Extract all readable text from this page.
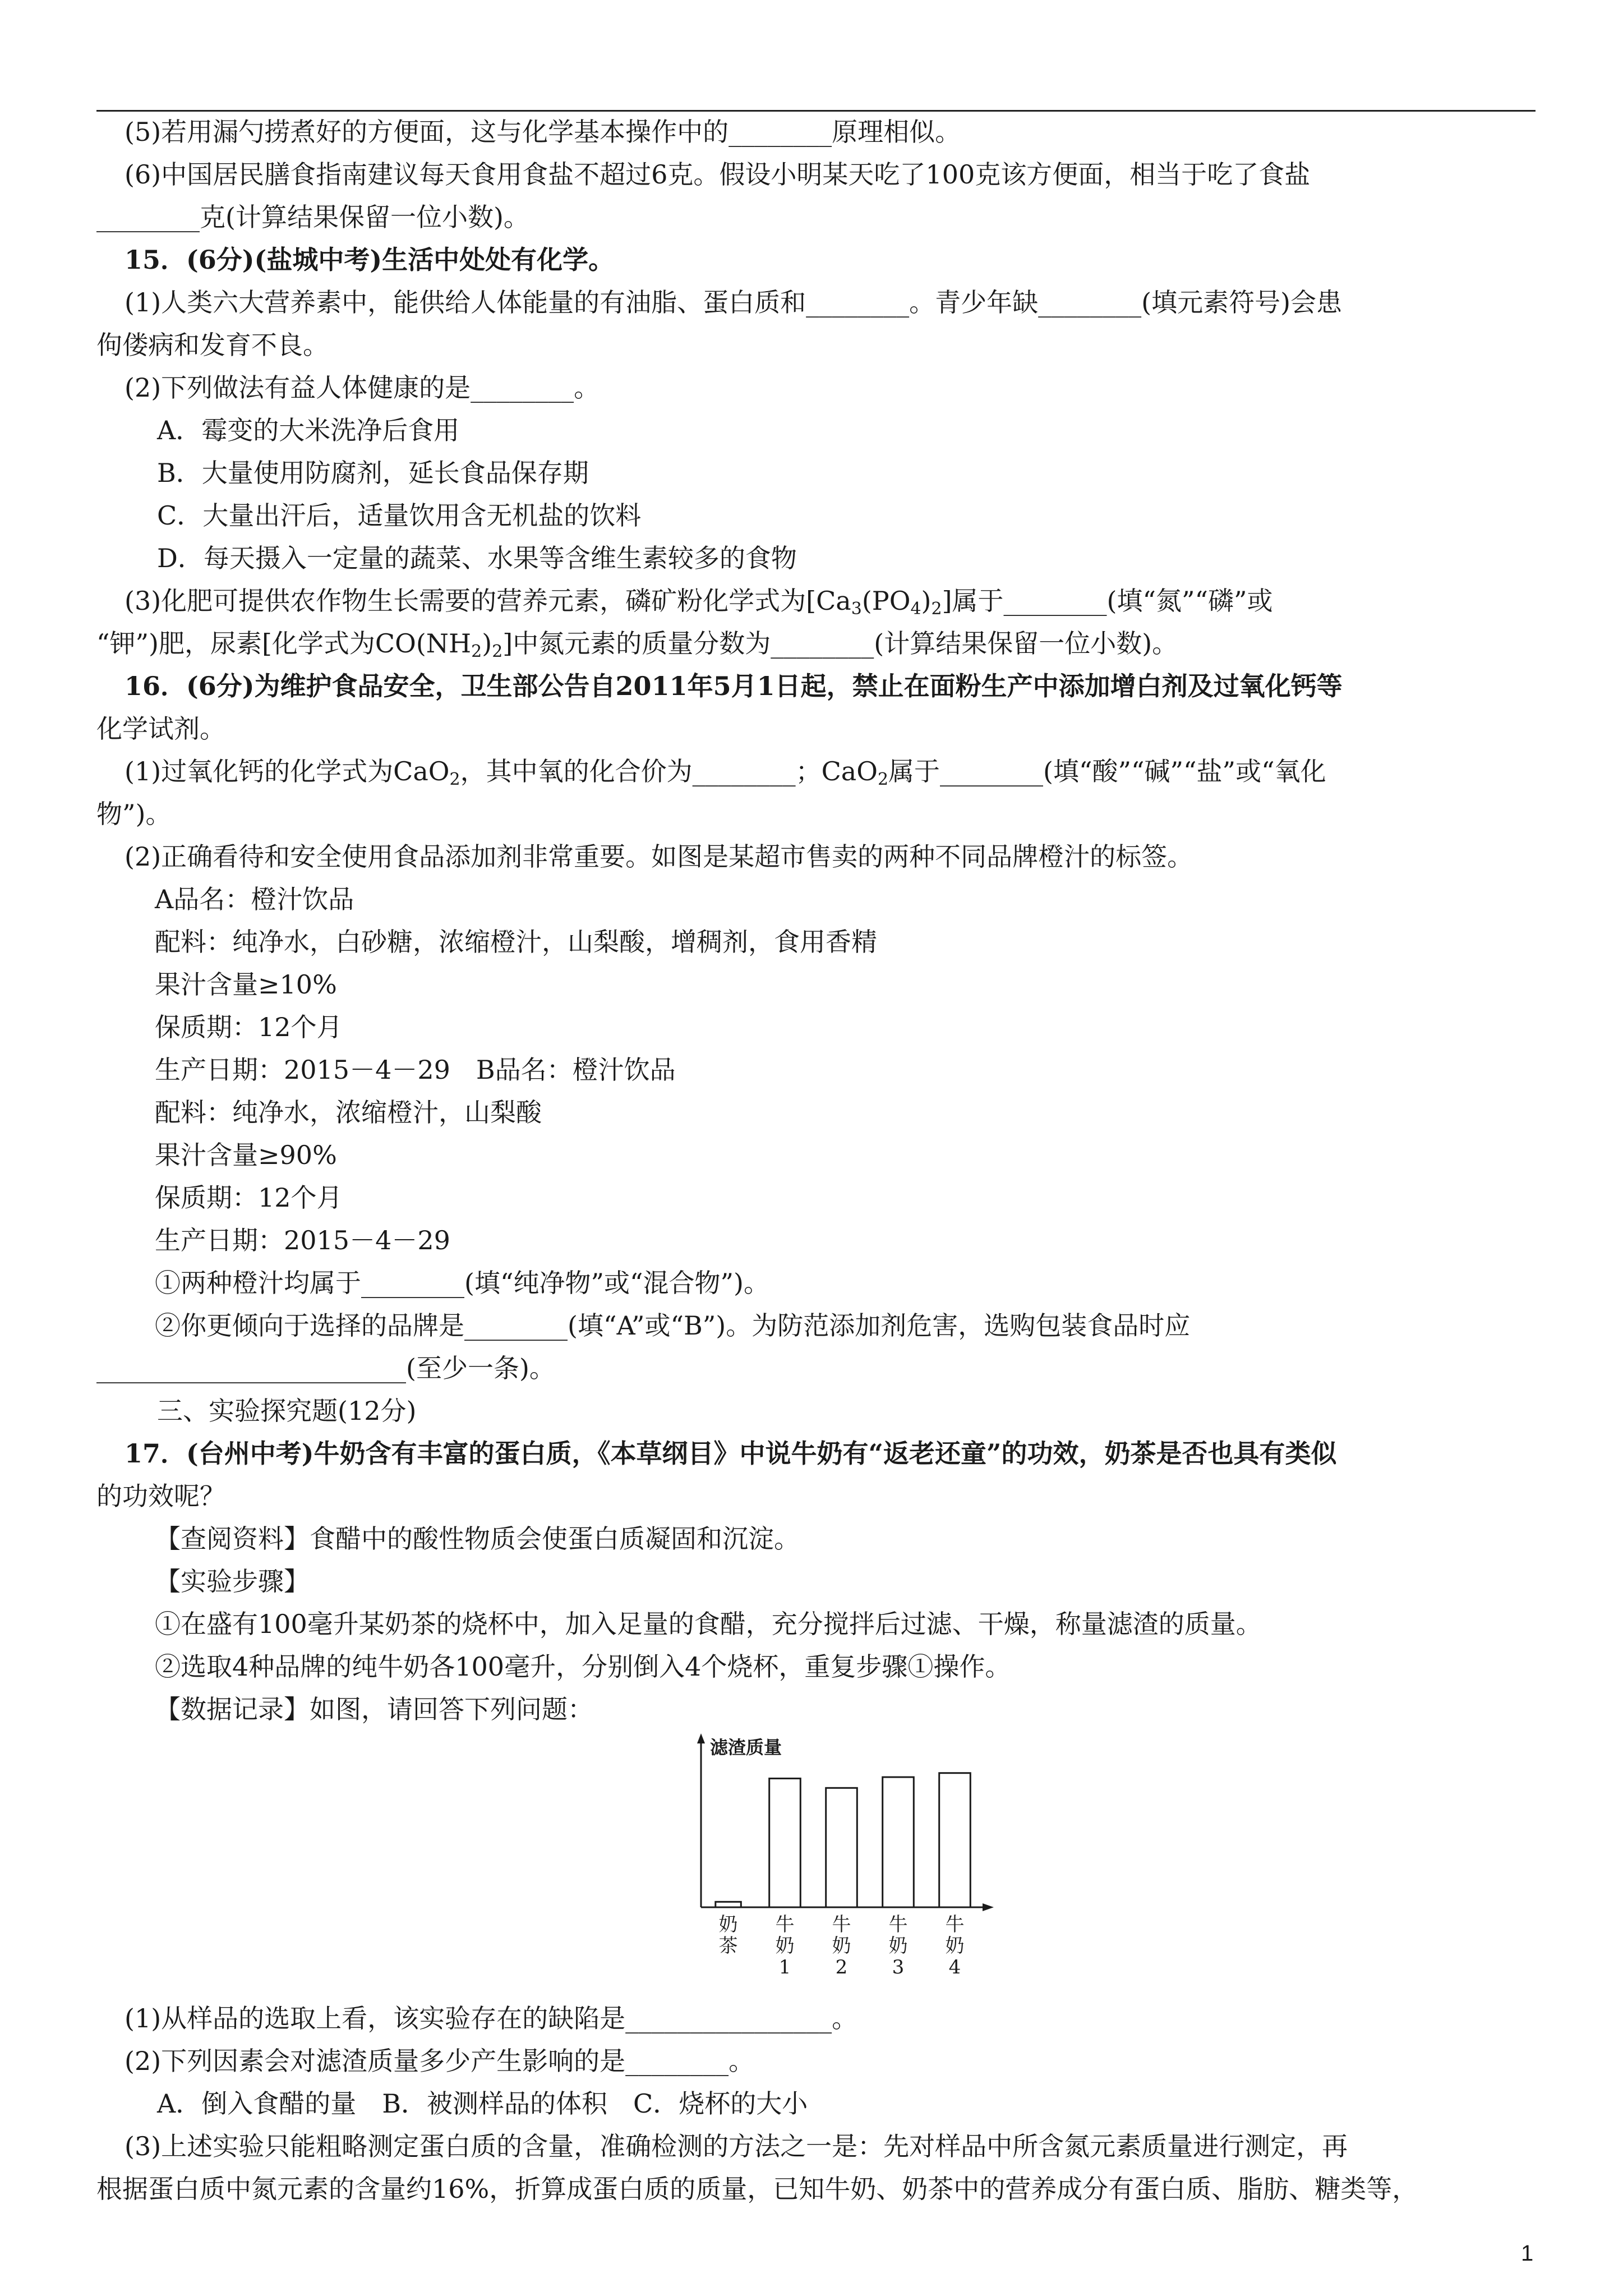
(5)若用漏勺捞煮好的方便面，这与化学基本操作中的________原理相似。
(6)中国居民膳食指南建议每天食用食盐不超过6克。假设小明某天吃了100克该方便面，相当于吃了食盐
________克(计算结果保留一位小数)。
15．(6分)(盐城中考)生活中处处有化学。
(1)人类六大营养素中，能供给人体能量的有油脂、蛋白质和________。青少年缺________(填元素符号)会患
佝偻病和发育不良。
(2)下列做法有益人体健康的是________。
A．霉变的大米洗净后食用
B．大量使用防腐剂，延长食品保存期
C．大量出汗后，适量饮用含无机盐的饮料
D．每天摄入一定量的蔬菜、水果等含维生素较多的食物
(3)化肥可提供农作物生长需要的营养元素，磷矿粉化学式为$[Ca_3(PO_4)_2]$属于________(填“氮”“磷”或
“钾”)肥，尿素[化学式为$CO(NH_2)_2$]中氮元素的质量分数为________(计算结果保留一位小数)。
16．(6分)为维护食品安全，卫生部公告自2011年5月1日起，禁止在面粉生产中添加增白剂及过氧化钙等
化学试剂。
(1)过氧化钙的化学式为CaO$_2$，其中氧的化合价为________；CaO$_2$属于________(填“酸”“碱”“盐”或“氧化
物”)。
(2)正确看待和安全使用食品添加剂非常重要。如图是某超市售卖的两种不同品牌橙汁的标签。
A品名：橙汁饮品
配料：纯净水，白砂糖，浓缩橙汁，山梨酸，增稠剂，食用香精
果汁含量≥10%
保质期：12个月
生产日期：2015－4－29　B品名：橙汁饮品
配料：纯净水，浓缩橙汁，山梨酸
果汁含量≥90%
保质期：12个月
生产日期：2015－4－29
①两种橙汁均属于________(填“纯净物”或“混合物”)。
②你更倾向于选择的品牌是________(填“A”或“B”)。为防范添加剂危害，选购包装食品时应
________________________(至少一条)。
三、实验探究题(12分)
17．(台州中考)牛奶含有丰富的蛋白质，《本草纲目》中说牛奶有“返老还童”的功效，奶茶是否也具有类似
的功效呢？
【查阅资料】食醋中的酸性物质会使蛋白质凝固和沉淀。
【实验步骤】
①在盛有100毫升某奶茶的烧杯中，加入足量的食醋，充分搅拌后过滤、干燥，称量滤渣的质量。
②选取4种品牌的纯牛奶各100毫升，分别倒入4个烧杯，重复步骤①操作。
【数据记录】如图，请回答下列问题：
滤渣质量
奶
茶
牛
奶
1
牛
奶
2
牛
奶
3
牛
奶
4
(1)从样品的选取上看，该实验存在的缺陷是________________。
(2)下列因素会对滤渣质量多少产生影响的是________。
A．倒入食醋的量　B．被测样品的体积　C．烧杯的大小
(3)上述实验只能粗略测定蛋白质的含量，准确检测的方法之一是：先对样品中所含氮元素质量进行测定，再
根据蛋白质中氮元素的含量约16%，折算成蛋白质的质量，已知牛奶、奶茶中的营养成分有蛋白质、脂肪、糖类等，
1
